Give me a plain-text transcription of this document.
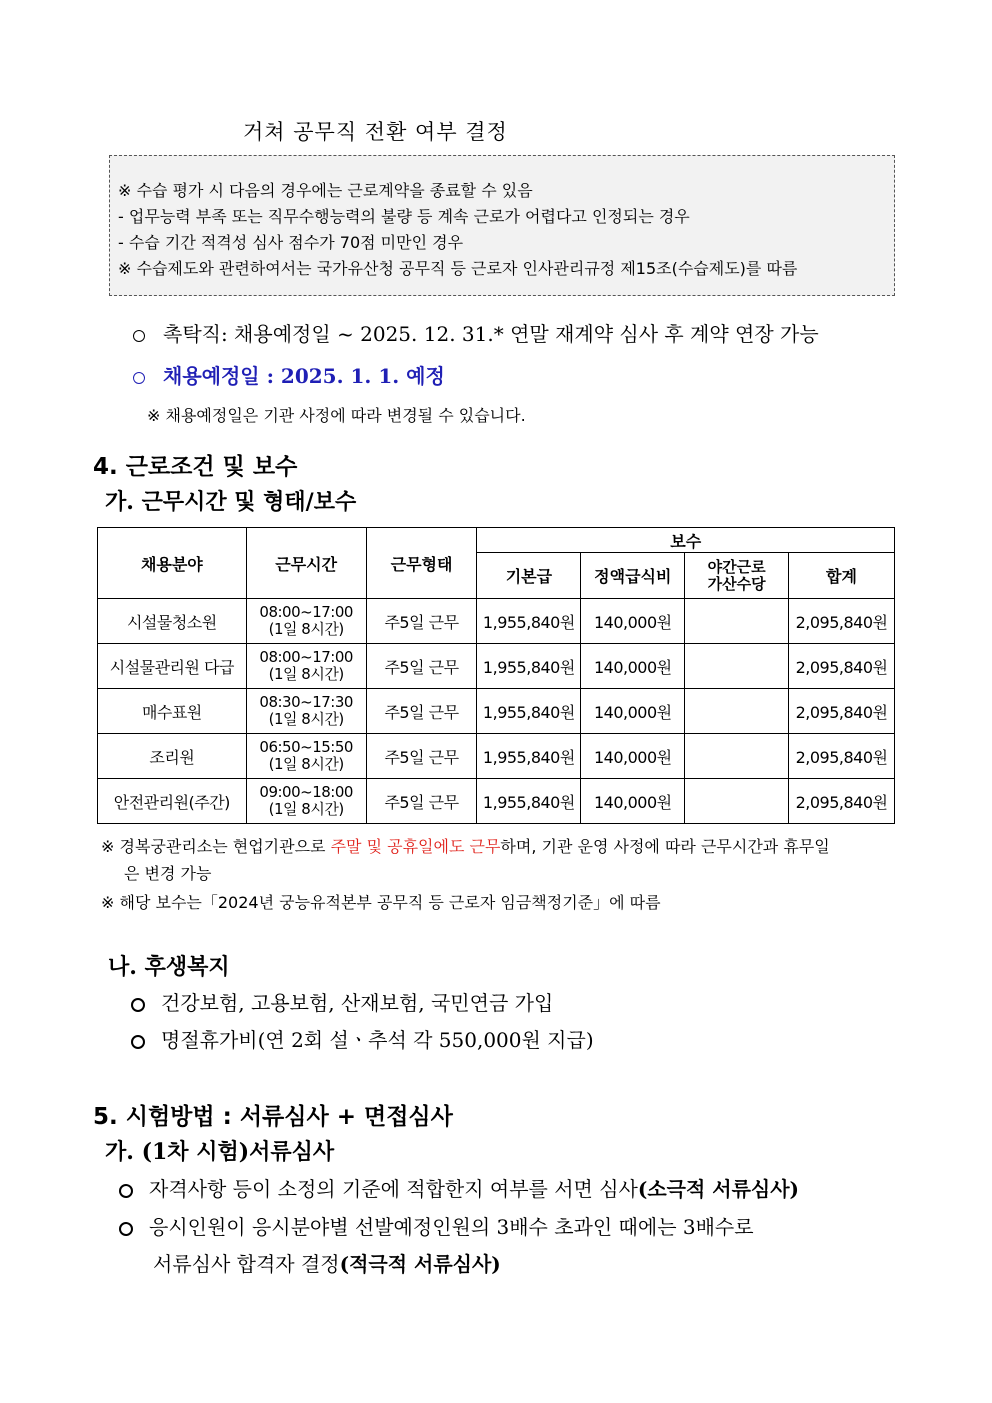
거쳐 공무직 전환 여부 결정
※ 수습 평가 시 다음의 경우에는 근로계약을 종료할 수 있음
- 업무능력 부족 또는 직무수행능력의 불량 등 계속 근로가 어렵다고 인정되는 경우
- 수습 기간 적격성 심사 점수가 70점 미만인 경우
※ 수습제도와 관련하여서는 국가유산청 공무직 등 근로자 인사관리규정 제15조(수습제도)를 따름
촉탁직: 채용예정일 ~ 2025. 12. 31.* 연말 재계약 심사 후 계약 연장 가능
채용예정일 : 2025. 1. 1. 예정
※ 채용예정일은 기관 사정에 따라 변경될 수 있습니다.
4. 근로조건 및 보수
가. 근무시간 및 형태/보수
채용분야	근무시간	근무형태	보수			
			기본급	정액급식비	야간근로
가산수당	합계
시설물청소원	08:00~17:00
(1일 8시간)	주5일 근무	1,955,840원	140,000원		2,095,840원
시설물관리원 다급	08:00~17:00
(1일 8시간)	주5일 근무	1,955,840원	140,000원		2,095,840원
매수표원	08:30~17:30
(1일 8시간)	주5일 근무	1,955,840원	140,000원		2,095,840원
조리원	06:50~15:50
(1일 8시간)	주5일 근무	1,955,840원	140,000원		2,095,840원
안전관리원(주간)	09:00~18:00
(1일 8시간)	주5일 근무	1,955,840원	140,000원		2,095,840원
※ 경복궁관리소는 현업기관으로 주말 및 공휴일에도 근무하며, 기관 운영 사정에 따라 근무시간과 휴무일
은 변경 가능
※ 해당 보수는「2024년 궁능유적본부 공무직 등 근로자 임금책정기준」에 따름
나. 후생복지
건강보험, 고용보험, 산재보험, 국민연금 가입
명절휴가비(연 2회 설ㆍ추석 각 550,000원 지급)
5. 시험방법 : 서류심사 + 면접심사
가. (1차 시험)서류심사
자격사항 등이 소정의 기준에 적합한지 여부를 서면 심사(소극적 서류심사)
응시인원이 응시분야별 선발예정인원의 3배수 초과인 때에는 3배수로
서류심사 합격자 결정(적극적 서류심사)
